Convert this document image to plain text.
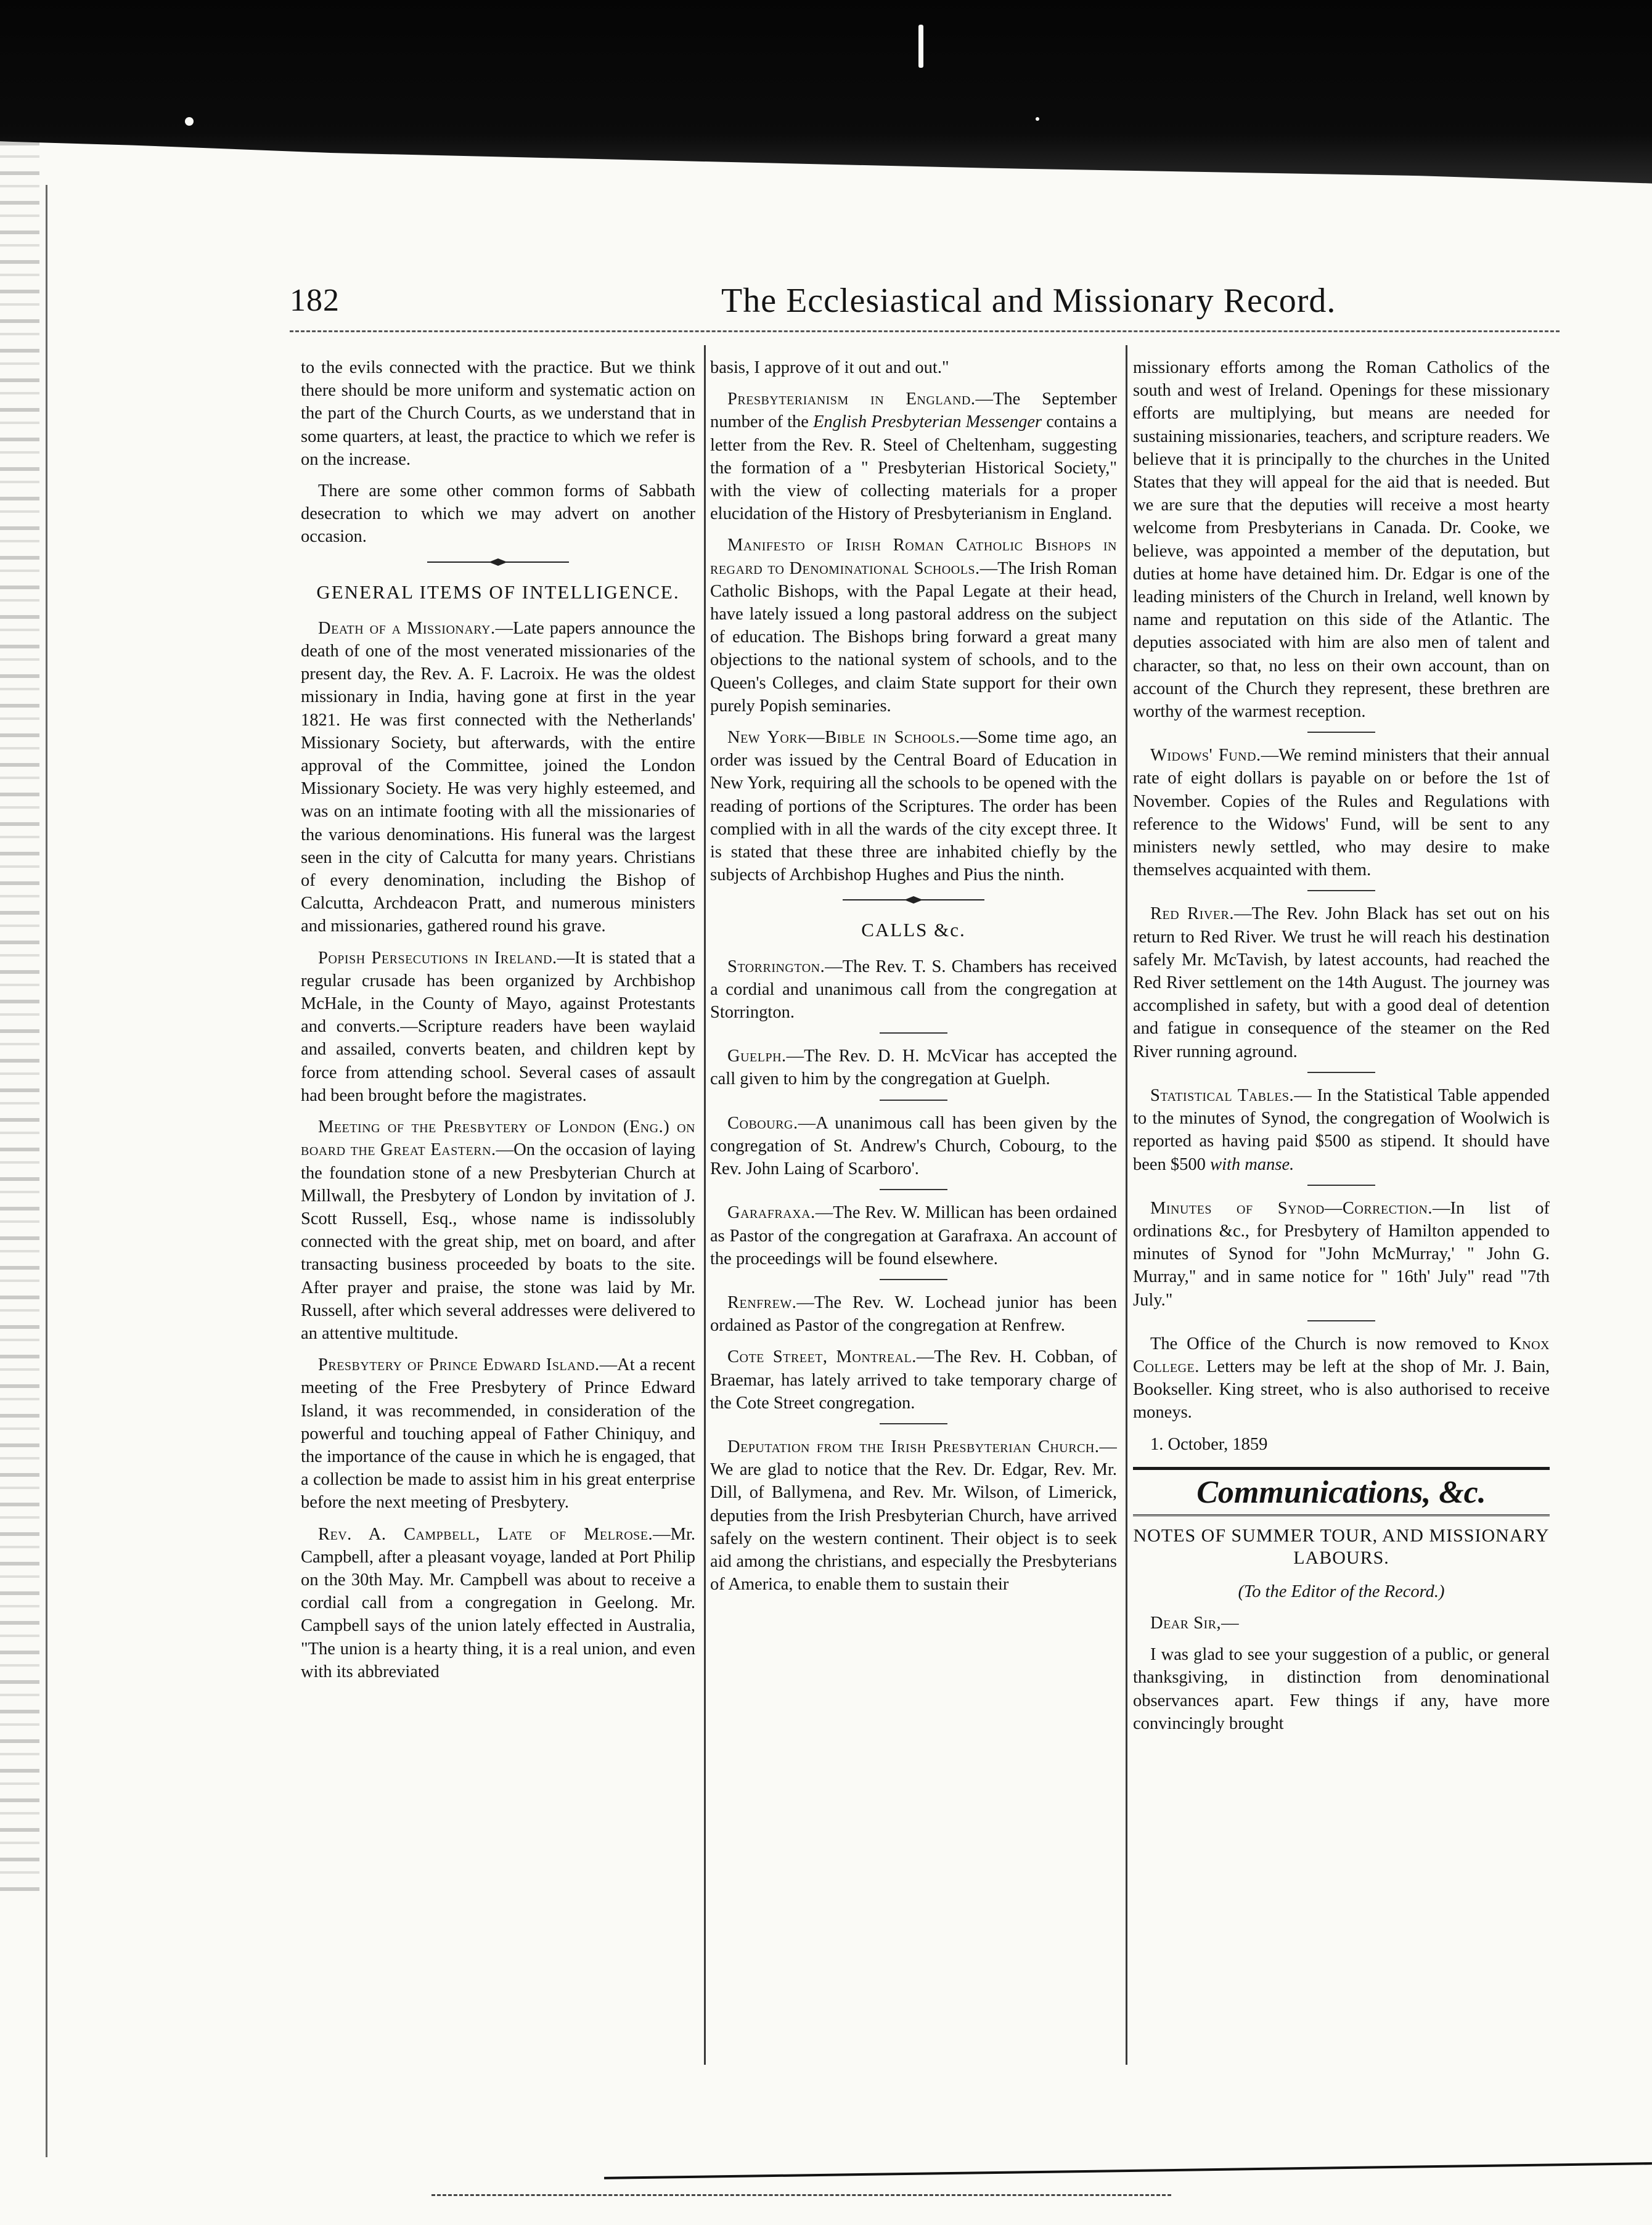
182	The Ecclesiastical and Missionary Record.

to the evils connected with the practice. But we think there should be more uniform and systematic action on the part of the Church Courts, as we understand that in some quarters, at least, the practice to which we refer is on the increase.

There are some other common forms of Sabbath desecration to which we may advert on another occasion.

GENERAL ITEMS OF INTELLIGENCE.

Death of a Missionary.—Late papers announce the death of one of the most venerated missionaries of the present day, the Rev. A. F. Lacroix. He was the oldest missionary in India, having gone at first in the year 1821. He was first connected with the Netherlands' Missionary Society, but afterwards, with the entire approval of the Committee, joined the London Missionary Society. He was very highly esteemed, and was on an intimate footing with all the missionaries of the various denominations. His funeral was the largest seen in the city of Calcutta for many years. Christians of every denomination, including the Bishop of Calcutta, Archdeacon Pratt, and numerous ministers and missionaries, gathered round his grave.

Popish Persecutions in Ireland.—It is stated that a regular crusade has been organized by Archbishop McHale, in the County of Mayo, against Protestants and converts.—Scripture readers have been waylaid and assailed, converts beaten, and children kept by force from attending school. Several cases of assault had been brought before the magistrates.

Meeting of the Presbytery of London (Eng.) on board the Great Eastern.—On the occasion of laying the foundation stone of a new Presbyterian Church at Millwall, the Presbytery of London by invitation of J. Scott Russell, Esq., whose name is indissolubly connected with the great ship, met on board, and after transacting business proceeded by boats to the site. After prayer and praise, the stone was laid by Mr. Russell, after which several addresses were delivered to an attentive multitude.

Presbytery of Prince Edward Island.—At a recent meeting of the Free Presbytery of Prince Edward Island, it was recommended, in consideration of the powerful and touching appeal of Father Chiniquy, and the importance of the cause in which he is engaged, that a collection be made to assist him in his great enterprise before the next meeting of Presbytery.

Rev. A. Campbell, Late of Melrose.—Mr. Campbell, after a pleasant voyage, landed at Port Philip on the 30th May. Mr. Campbell was about to receive a cordial call from a congregation in Geelong. Mr. Campbell says of the union lately effected in Australia, "The union is a hearty thing, it is a real union, and even with its abbreviated

basis, I approve of it out and out."

Presbyterianism in England.—The September number of the English Presbyterian Messenger contains a letter from the Rev. R. Steel of Cheltenham, suggesting the formation of a " Presbyterian Historical Society," with the view of collecting materials for a proper elucidation of the History of Presbyterianism in England.

Manifesto of Irish Roman Catholic Bishops in regard to Denominational Schools.—The Irish Roman Catholic Bishops, with the Papal Legate at their head, have lately issued a long pastoral address on the subject of education. The Bishops bring forward a great many objections to the national system of schools, and to the Queen's Colleges, and claim State support for their own purely Popish seminaries.

New York—Bible in Schools.—Some time ago, an order was issued by the Central Board of Education in New York, requiring all the schools to be opened with the reading of portions of the Scriptures. The order has been complied with in all the wards of the city except three. It is stated that these three are inhabited chiefly by the subjects of Archbishop Hughes and Pius the ninth.

CALLS &c.

Storrington.—The Rev. T. S. Chambers has received a cordial and unanimous call from the congregation at Storrington.

Guelph.—The Rev. D. H. McVicar has accepted the call given to him by the congregation at Guelph.

Cobourg.—A unanimous call has been given by the congregation of St. Andrew's Church, Cobourg, to the Rev. John Laing of Scarboro'.

Garafraxa.—The Rev. W. Millican has been ordained as Pastor of the congregation at Garafraxa. An account of the proceedings will be found elsewhere.

Renfrew.—The Rev. W. Lochead junior has been ordained as Pastor of the congregation at Renfrew.

Cote Street, Montreal.—The Rev. H. Cobban, of Braemar, has lately arrived to take temporary charge of the Cote Street congregation.

Deputation from the Irish Presbyterian Church.—We are glad to notice that the Rev. Dr. Edgar, Rev. Mr. Dill, of Ballymena, and Rev. Mr. Wilson, of Limerick, deputies from the Irish Presbyterian Church, have arrived safely on the western continent. Their object is to seek aid among the christians, and especially the Presbyterians of America, to enable them to sustain their

missionary efforts among the Roman Catholics of the south and west of Ireland. Openings for these missionary efforts are multiplying, but means are needed for sustaining missionaries, teachers, and scripture readers. We believe that it is principally to the churches in the United States that they will appeal for the aid that is needed. But we are sure that the deputies will receive a most hearty welcome from Presbyterians in Canada. Dr. Cooke, we believe, was appointed a member of the deputation, but duties at home have detained him. Dr. Edgar is one of the leading ministers of the Church in Ireland, well known by name and reputation on this side of the Atlantic. The deputies associated with him are also men of talent and character, so that, no less on their own account, than on account of the Church they represent, these brethren are worthy of the warmest reception.

Widows' Fund.—We remind ministers that their annual rate of eight dollars is payable on or before the 1st of November. Copies of the Rules and Regulations with reference to the Widows' Fund, will be sent to any ministers newly settled, who may desire to make themselves acquainted with them.

Red River.—The Rev. John Black has set out on his return to Red River. We trust he will reach his destination safely Mr. McTavish, by latest accounts, had reached the Red River settlement on the 14th August. The journey was accomplished in safety, but with a good deal of detention and fatigue in consequence of the steamer on the Red River running aground.

Statistical Tables.— In the Statistical Table appended to the minutes of Synod, the congregation of Woolwich is reported as having paid $500 as stipend. It should have been $500 with manse.

Minutes of Synod—Correction.—In list of ordinations &c., for Presbytery of Hamilton appended to minutes of Synod for "John McMurray,' " John G. Murray," and in same notice for " 16th' July" read "7th July."

The Office of the Church is now removed to Knox College. Letters may be left at the shop of Mr. J. Bain, Bookseller. King street, who is also authorised to receive moneys.

1. October, 1859
Communications, &c.
NOTES OF SUMMER TOUR, AND MISSIONARY LABOURS.
(To the Editor of the Record.)

Dear Sir,—

I was glad to see your suggestion of a public, or general thanksgiving, in distinction from denominational observances apart. Few things if any, have more convincingly brought
